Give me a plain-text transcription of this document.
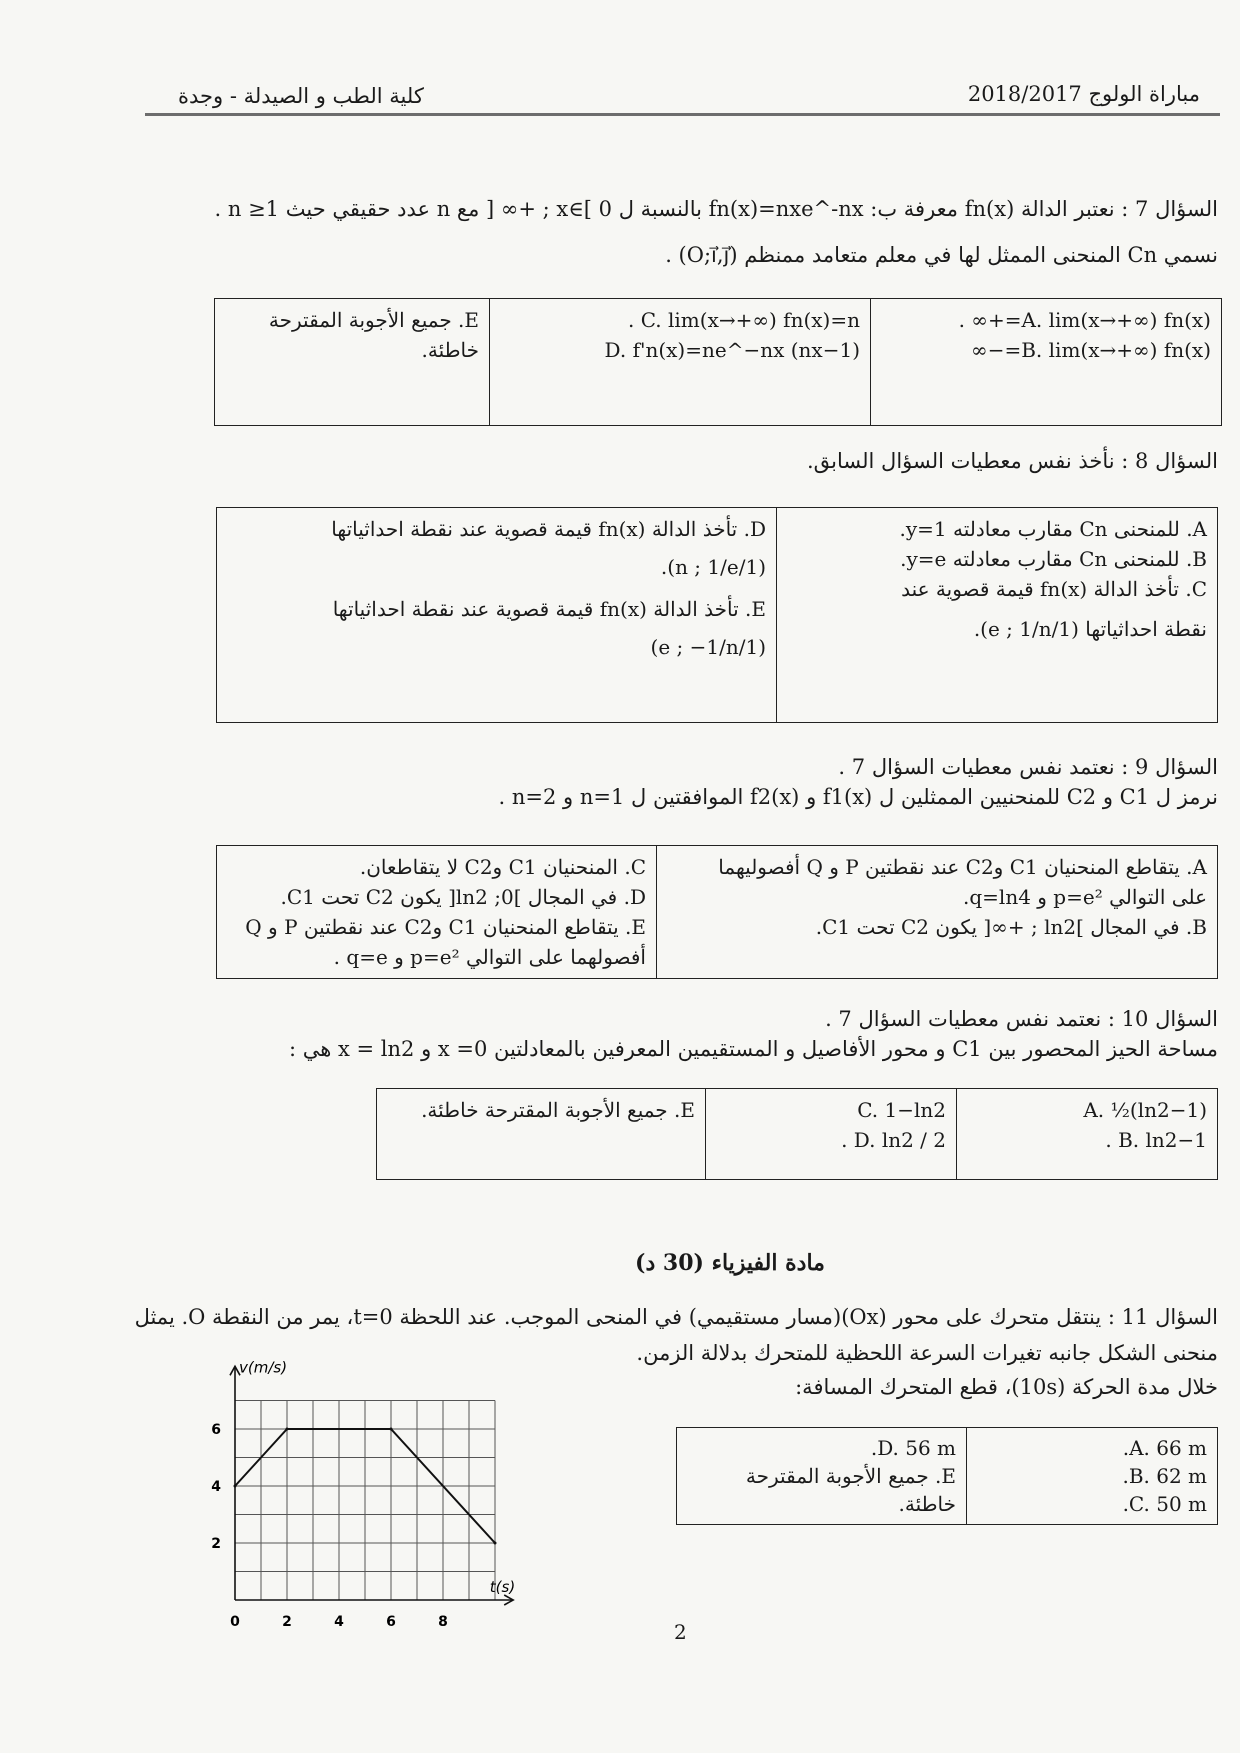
مباراة الولوج 2018/2017
كلية الطب و الصيدلة - وجدة
السؤال 7 : نعتبر الدالة fn(x) معرفة ب: fn(x)=nxe^-nx بالنسبة ل x∈[ 0 ; +∞ [ مع n عدد حقيقي حيث n ≥1 .
نسمي Cn المنحنى الممثل لها في معلم متعامد ممنظم (O;i⃗,j⃗) .
A. lim(x→+∞) fn(x)=+∞ .
B. lim(x→+∞) fn(x)=−∞

C. lim(x→+∞) fn(x)=n .
D. f'n(x)=ne^−nx (nx−1)

E. جميع الأجوبة المقترحة
خاطئة.
السؤال 8 : نأخذ نفس معطيات السؤال السابق.
A. للمنحنى Cn مقارب معادلته y=1.
B. للمنحنى Cn مقارب معادلته y=e.
C. تأخذ الدالة fn(x) قيمة قصوية عند
نقطة احداثياتها (1/e ; 1/n).

D. تأخذ الدالة fn(x) قيمة قصوية عند نقطة احداثياتها
(1/n ; 1/e).
E. تأخذ الدالة fn(x) قيمة قصوية عند نقطة احداثياتها
(1/e ; −1/n)
السؤال 9 : نعتمد نفس معطيات السؤال 7 .
نرمز ل C1 و C2 للمنحنيين الممثلين ل f1(x) و f2(x) الموافقتين ل n=1 و n=2 .
A. يتقاطع المنحنيان C1 وC2 عند نقطتين P و Q أفصوليهما
على التوالي p=e² و q=ln4.
B. في المجال ]ln2 ; +∞[ يكون C2 تحت C1.

C. المنحنيان C1 وC2 لا يتقاطعان.
D. في المجال ]0; ln2[ يكون C2 تحت C1.
E. يتقاطع المنحنيان C1 وC2 عند نقطتين P و Q
أفصولهما على التوالي p=e² و q=e .
السؤال 10 : نعتمد نفس معطيات السؤال 7 .
مساحة الحيز المحصور بين C1 و محور الأفاصيل و المستقيمين المعرفين بالمعادلتين x =0 و x = ln2 هي :
A. ½(ln2−1)
B. ln2−1 .

C. 1−ln2
D. ln2 / 2 .

E. جميع الأجوبة المقترحة خاطئة.
مادة الفيزياء (30 د)
السؤال 11 : ينتقل متحرك على محور (Ox)(مسار مستقيمي) في المنحى الموجب. عند اللحظة t=0، يمر من النقطة O. يمثل
منحنى الشكل جانبه تغيرات السرعة اللحظية للمتحرك بدلالة الزمن.
خلال مدة الحركة (10s)، قطع المتحرك المسافة:
A. 66 m.
B. 62 m.
C. 50 m.

D. 56 m.
E. جميع الأجوبة المقترحة
خاطئة.
0	2	4	6	8
2
4
6
v(m/s)
t(s)
2
